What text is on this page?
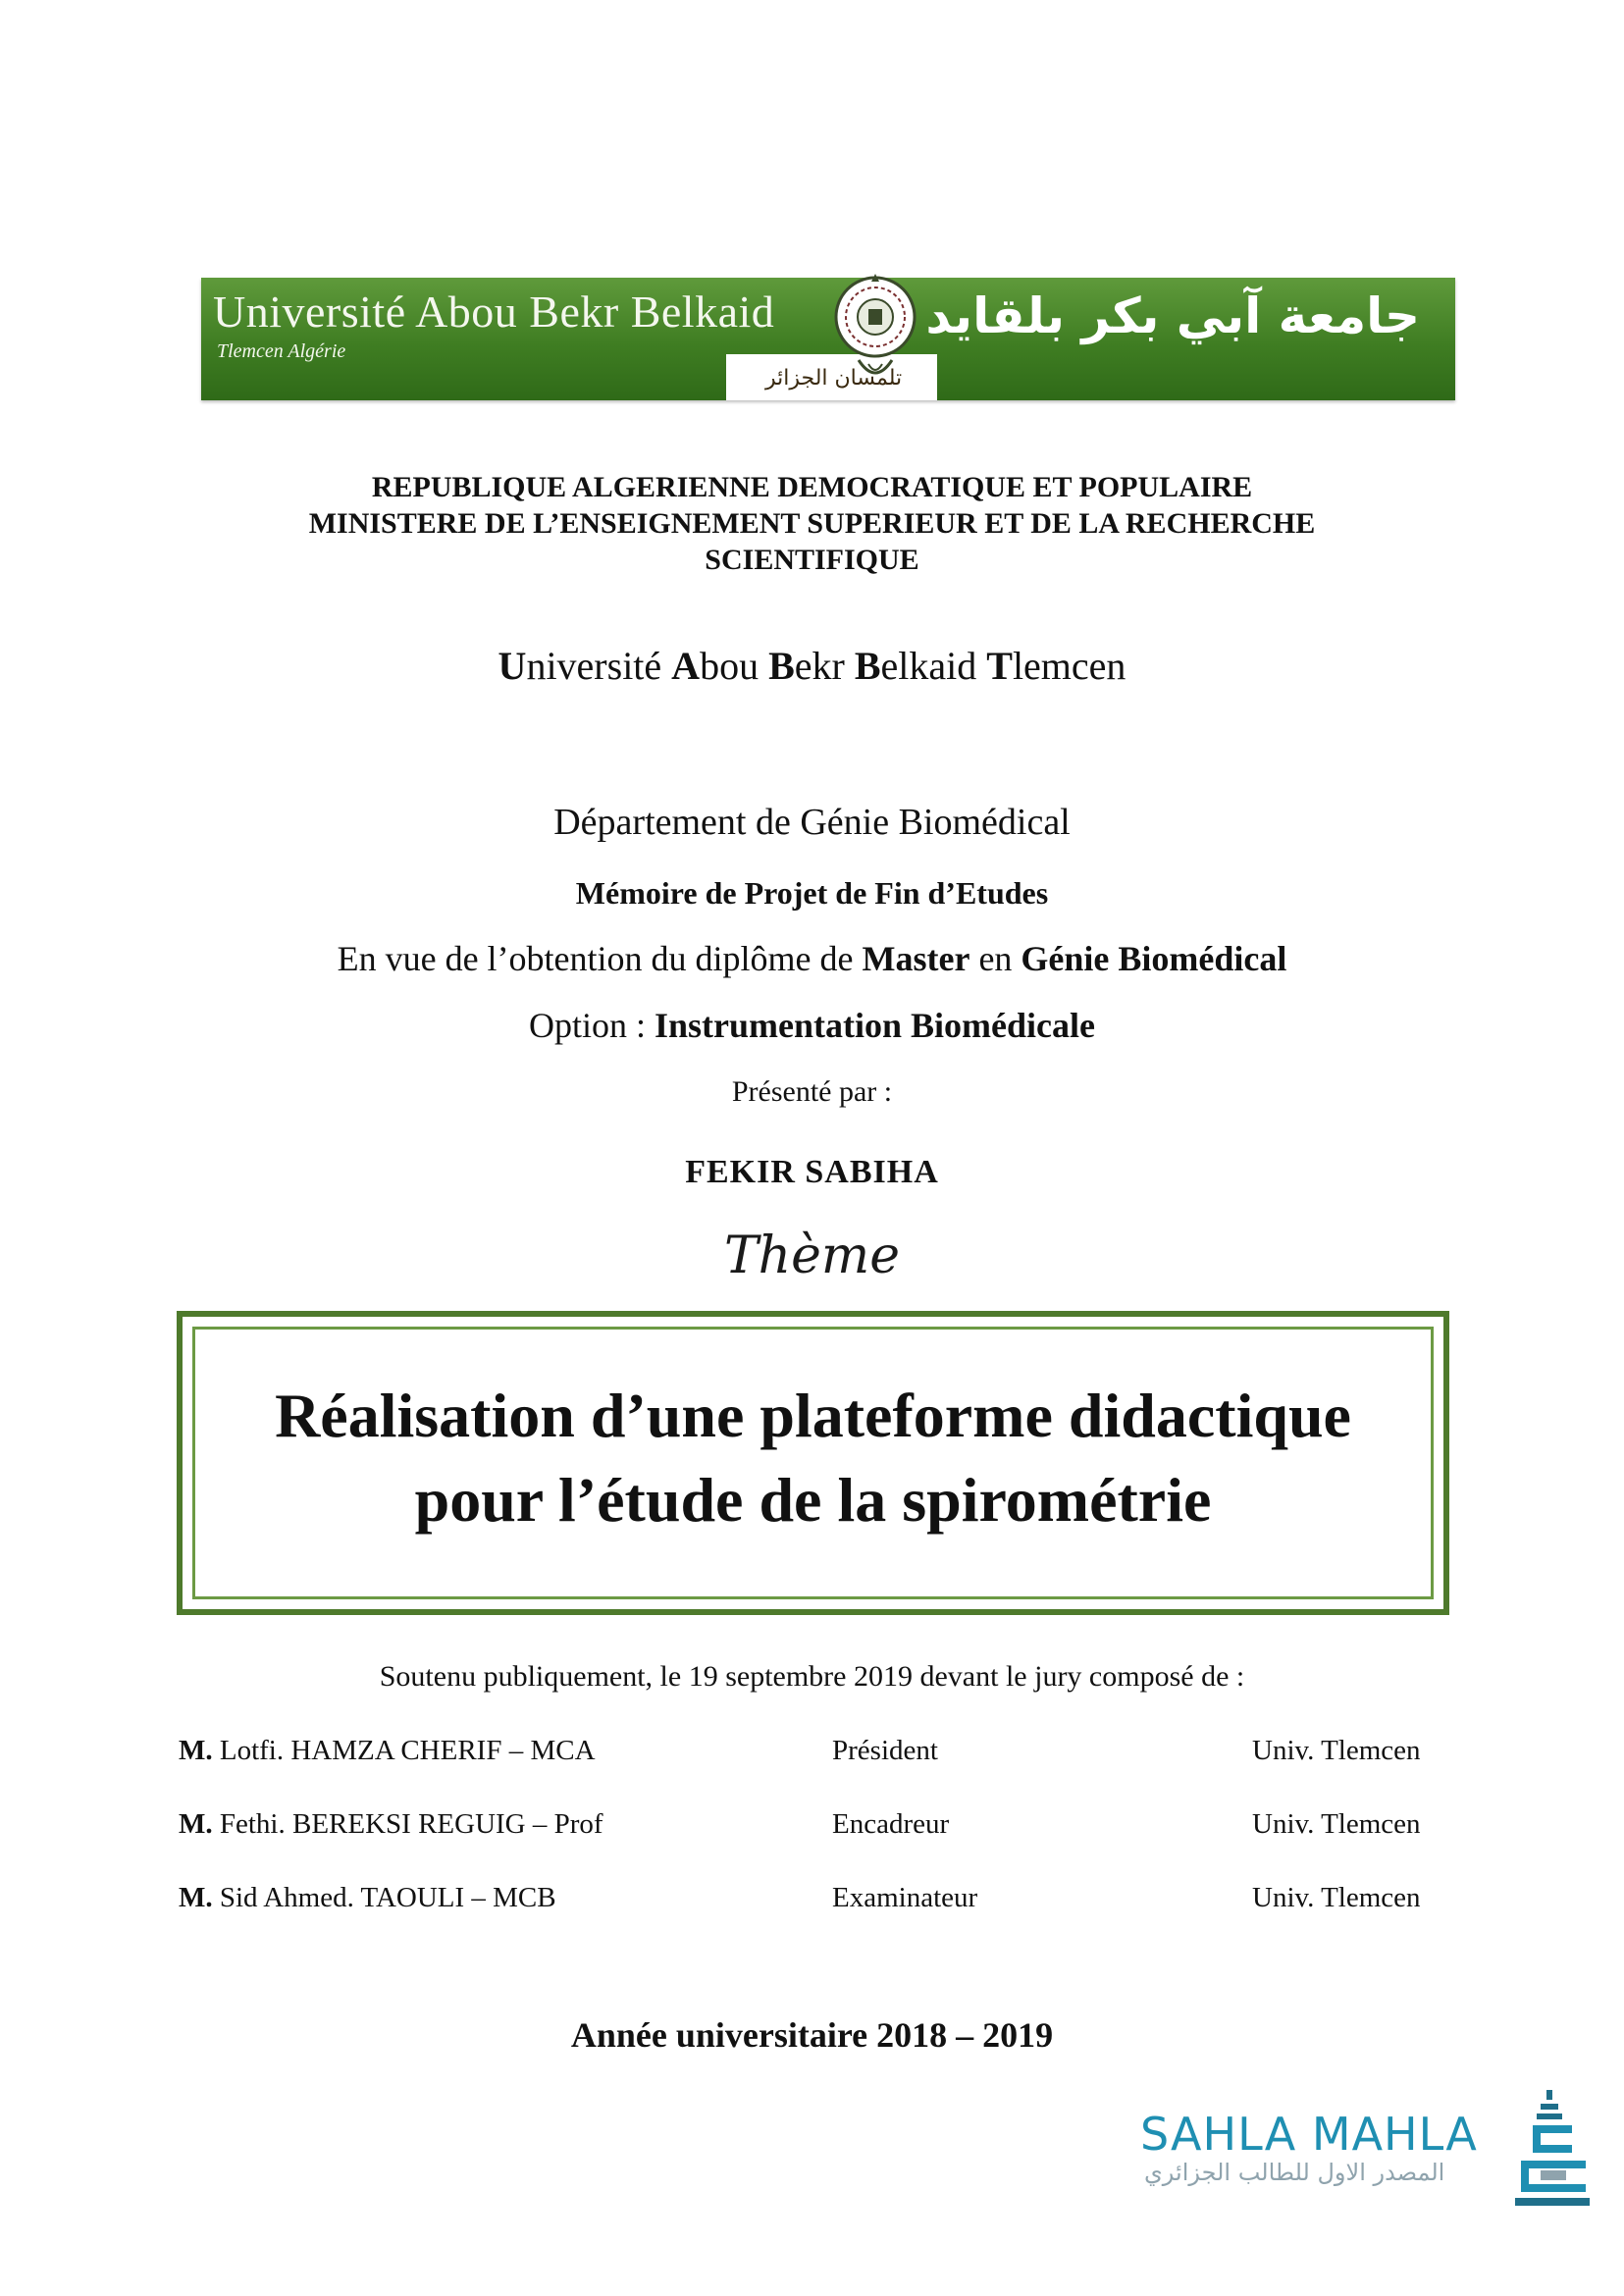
Université Abou Bekr Belkaid
Tlemcen Algérie
تلمسان الجزائر
جامعة آبي بكر بلقايد
REPUBLIQUE ALGERIENNE DEMOCRATIQUE ET POPULAIRE
MINISTERE DE L’ENSEIGNEMENT SUPERIEUR ET DE LA RECHERCHE
SCIENTIFIQUE
Université Abou Bekr Belkaid Tlemcen
Département de Génie Biomédical
Mémoire de Projet de Fin d’Etudes
En vue de l’obtention du diplôme de Master en Génie Biomédical
Option : Instrumentation Biomédicale
Présenté par :
FEKIR SABIHA
Thème
Réalisation d’une plateforme didactique
pour l’étude de la spirométrie
Soutenu publiquement, le 19 septembre 2019 devant le jury composé de :
M. Lotfi. HAMZA CHERIF – MCA	Président	Univ. Tlemcen
M. Fethi. BEREKSI REGUIG – Prof	Encadreur	Univ. Tlemcen
M. Sid Ahmed. TAOULI – MCB	Examinateur	Univ. Tlemcen
Année universitaire 2018 – 2019
SAHLA MAHLA
المصدر الاول للطالب الجزائري
